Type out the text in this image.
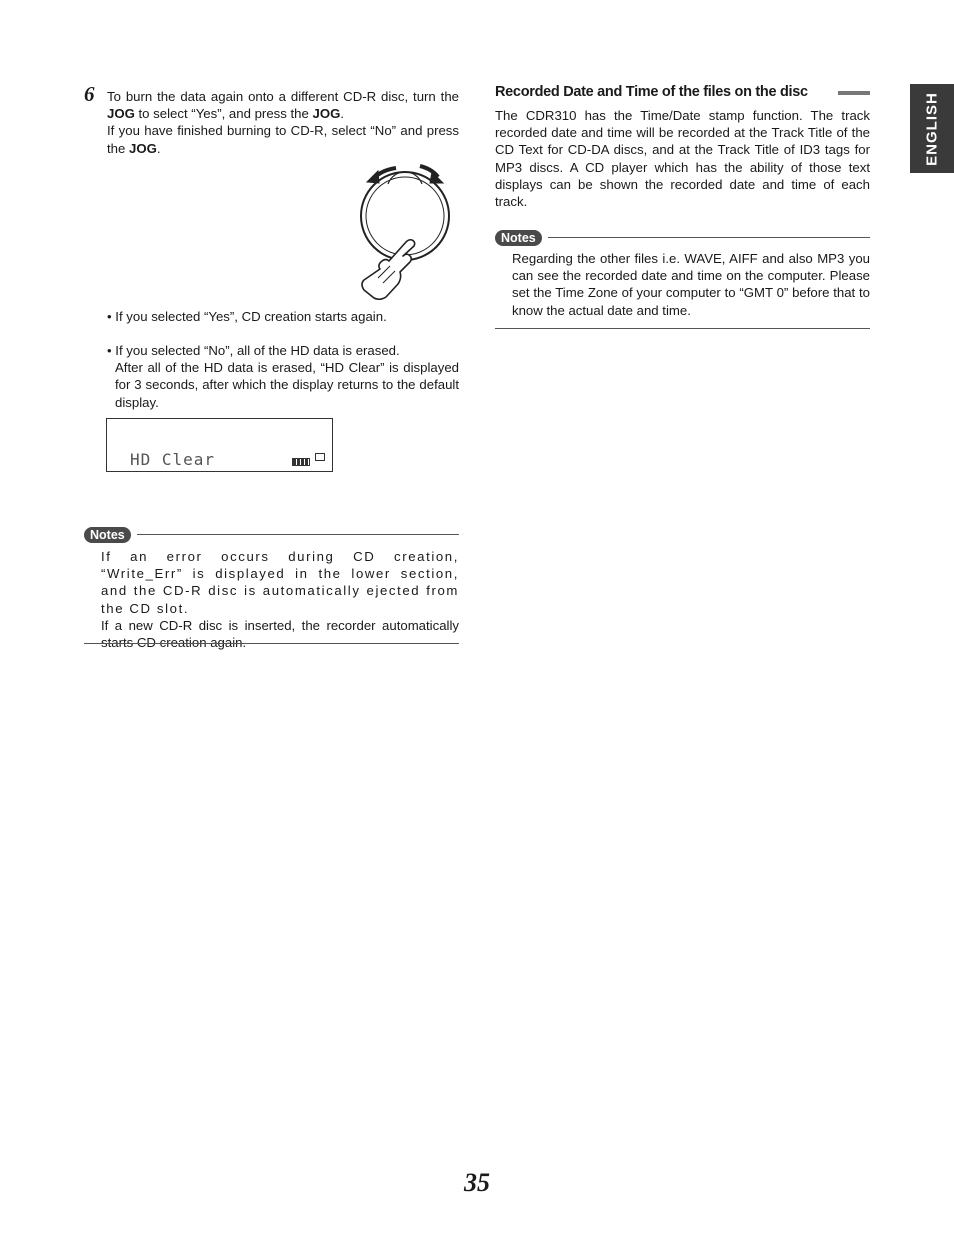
6 To burn the data again onto a different CD-R disc, turn the JOG to select “Yes”, and press the JOG.

If you have finished burning to CD-R, select “No” and press the JOG.

• If you selected “Yes”, CD creation starts again.

• If you selected “No”, all of the HD data is erased.

After all of the HD data is erased, “HD Clear” is displayed for 3 seconds, after which the display returns to the default display.

HD Clear
Notes

If an error occurs during CD creation, “Write_Err” is displayed in the lower section, and the CD-R disc is automatically ejected from the CD slot.

If a new CD-R disc is inserted, the recorder automatically starts CD creation again.

Recorded Date and Time of the files on the disc
The CDR310 has the Time/Date stamp function. The track recorded date and time will be recorded at the Track Title of the CD Text for CD-DA discs, and at the Track Title of ID3 tags for MP3 discs. A CD player which has the ability of those text displays can be shown the recorded date and time of each track.
Notes
Regarding the other files i.e. WAVE, AIFF and also MP3 you can see the recorded date and time on the computer. Please set the Time Zone of your computer to “GMT 0” before that to know the actual date and time.
ENGLISH
35
